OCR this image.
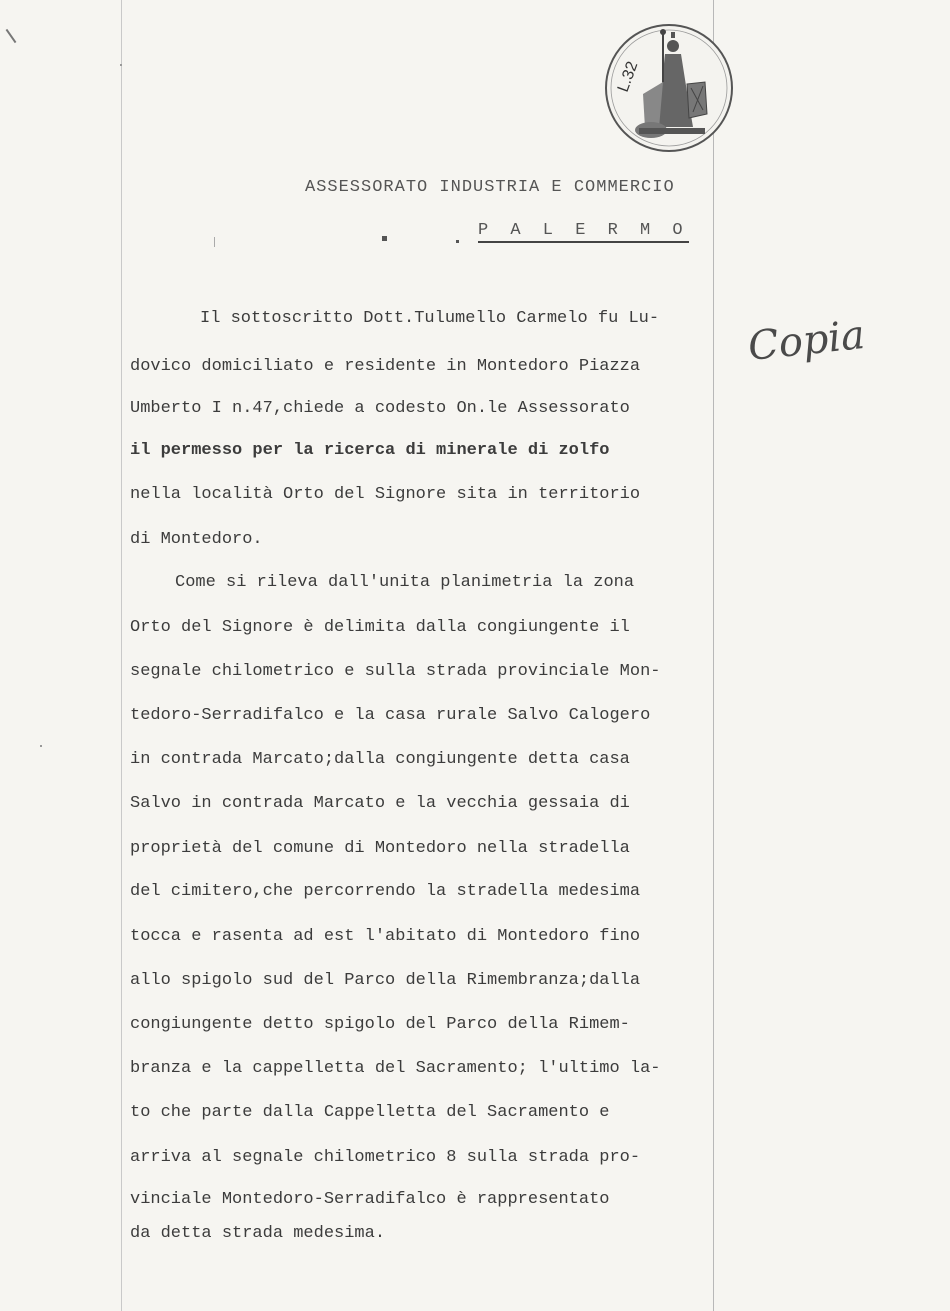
L.32
ASSESSORATO INDUSTRIA E COMMERCIO
P A L E R M O
Copia
Il sottoscritto Dott.Tulumello Carmelo fu Lu-
dovico domiciliato e residente in Montedoro Piazza
Umberto I n.47,chiede a codesto On.le Assessorato
il permesso per la ricerca di minerale di zolfo
nella località Orto del Signore sita in territorio
di Montedoro.
Come si rileva dall'unita planimetria la zona
Orto del Signore è delimita dalla congiungente il
segnale chilometrico e sulla strada provinciale Mon-
tedoro-Serradifalco e la casa rurale Salvo Calogero
in contrada Marcato;dalla congiungente detta casa
Salvo in contrada Marcato e la vecchia gessaia di
proprietà del comune di Montedoro nella stradella
del cimitero,che percorrendo la stradella medesima
tocca e rasenta ad est l'abitato di Montedoro fino
allo spigolo sud del Parco della Rimembranza;dalla
congiungente detto spigolo del Parco della Rimem-
branza e la cappelletta del Sacramento; l'ultimo la-
to che parte dalla Cappelletta del Sacramento e
arriva al segnale chilometrico 8 sulla strada pro-
vinciale Montedoro-Serradifalco è rappresentato
da detta strada medesima.
